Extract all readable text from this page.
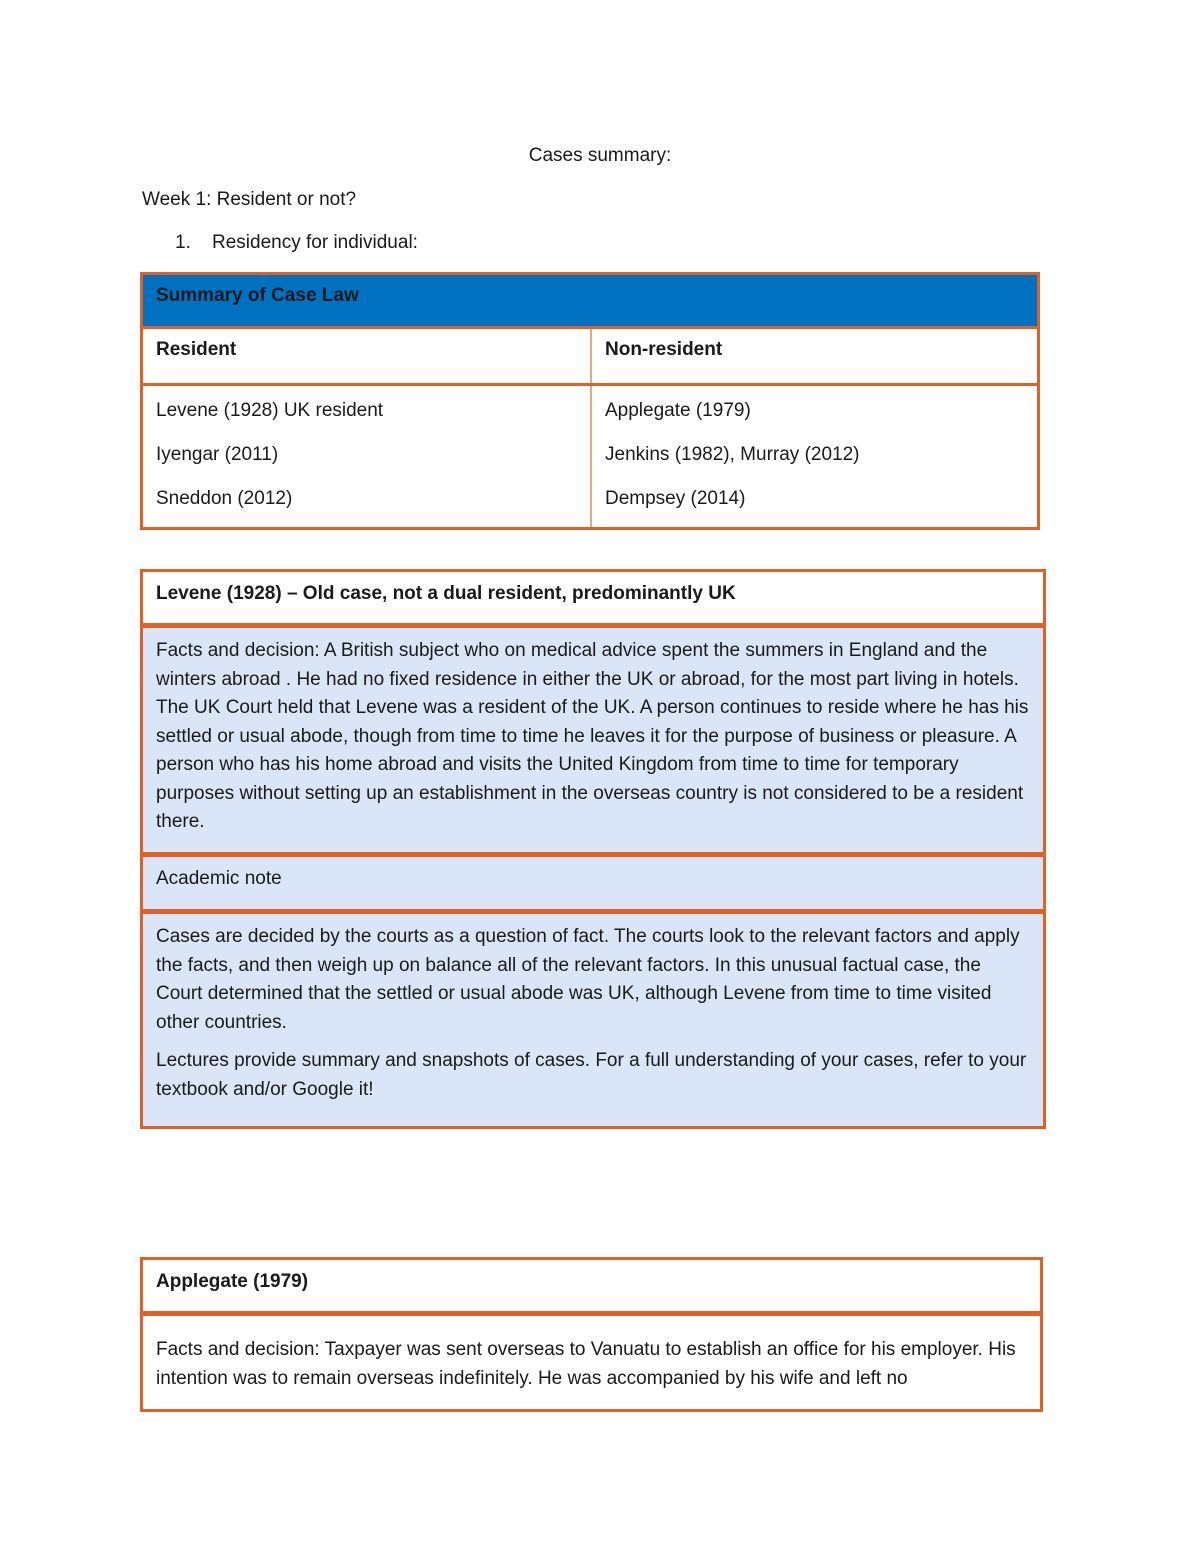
Cases summary:
Week 1: Resident or not?
1. Residency for individual:
Summary of Case Law
Resident	Non-resident

Levene (1928) UK resident

Iyengar (2011)

Sneddon (2012)

Applegate (1979)

Jenkins (1982), Murray (2012)

Dempsey (2014)

Levene (1928) – Old case, not a dual resident, predominantly UK

Facts and decision: A British subject who on medical advice spent the summers in England and the winters abroad . He had no fixed residence in either the UK or abroad, for the most part living in hotels. The UK Court held that Levene was a resident of the UK. A person continues to reside where he has his settled or usual abode, though from time to time he leaves it for the purpose of business or pleasure. A person who has his home abroad and visits the United Kingdom from time to time for temporary purposes without setting up an establishment in the overseas country is not considered to be a resident there.

Academic note

Cases are decided by the courts as a question of fact. The courts look to the relevant factors and apply the facts, and then weigh up on balance all of the relevant factors. In this unusual factual case, the Court determined that the settled or usual abode was UK, although Levene from time to time visited other countries.

Lectures provide summary and snapshots of cases. For a full understanding of your cases, refer to your textbook and/or Google it!

Applegate (1979)

Facts and decision: Taxpayer was sent overseas to Vanuatu to establish an office for his employer. His intention was to remain overseas indefinitely. He was accompanied by his wife and left no
